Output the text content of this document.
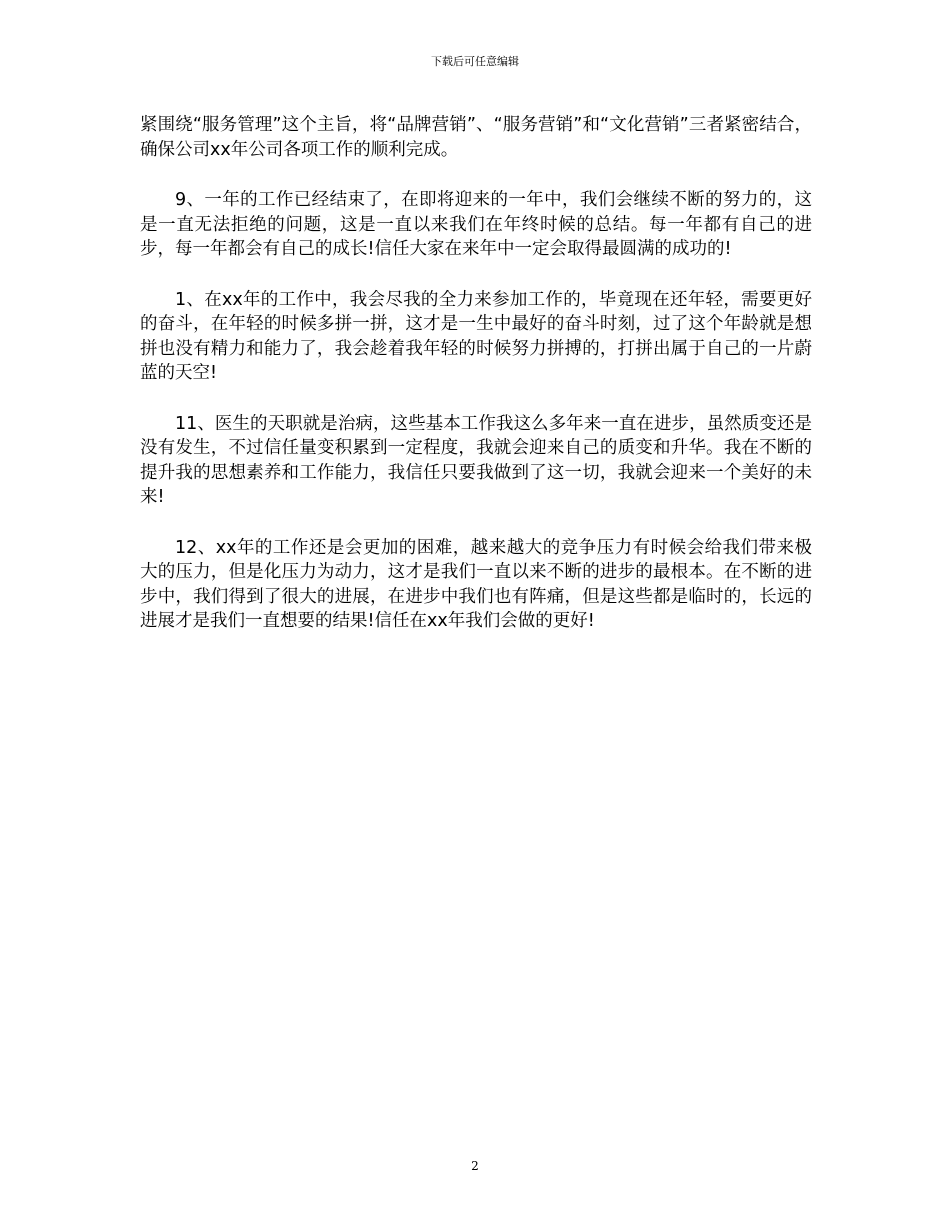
下载后可任意编辑

紧围绕“服务管理”这个主旨，将“品牌营销”、“服务营销”和“文化营销”三者紧密结合，确保公司xx年公司各项工作的顺利完成。

9、一年的工作已经结束了，在即将迎来的一年中，我们会继续不断的努力的，这是一直无法拒绝的问题，这是一直以来我们在年终时候的总结。每一年都有自己的进步，每一年都会有自己的成长!信任大家在来年中一定会取得最圆满的成功的!

1、在xx年的工作中，我会尽我的全力来参加工作的，毕竟现在还年轻，需要更好的奋斗，在年轻的时候多拼一拼，这才是一生中最好的奋斗时刻，过了这个年龄就是想拼也没有精力和能力了，我会趁着我年轻的时候努力拼搏的，打拼出属于自己的一片蔚蓝的天空!

11、医生的天职就是治病，这些基本工作我这么多年来一直在进步，虽然质变还是没有发生，不过信任量变积累到一定程度，我就会迎来自己的质变和升华。我在不断的提升我的思想素养和工作能力，我信任只要我做到了这一切，我就会迎来一个美好的未来!

12、xx年的工作还是会更加的困难，越来越大的竞争压力有时候会给我们带来极大的压力，但是化压力为动力，这才是我们一直以来不断的进步的最根本。在不断的进步中，我们得到了很大的进展，在进步中我们也有阵痛，但是这些都是临时的，长远的进展才是我们一直想要的结果!信任在xx年我们会做的更好!

2
